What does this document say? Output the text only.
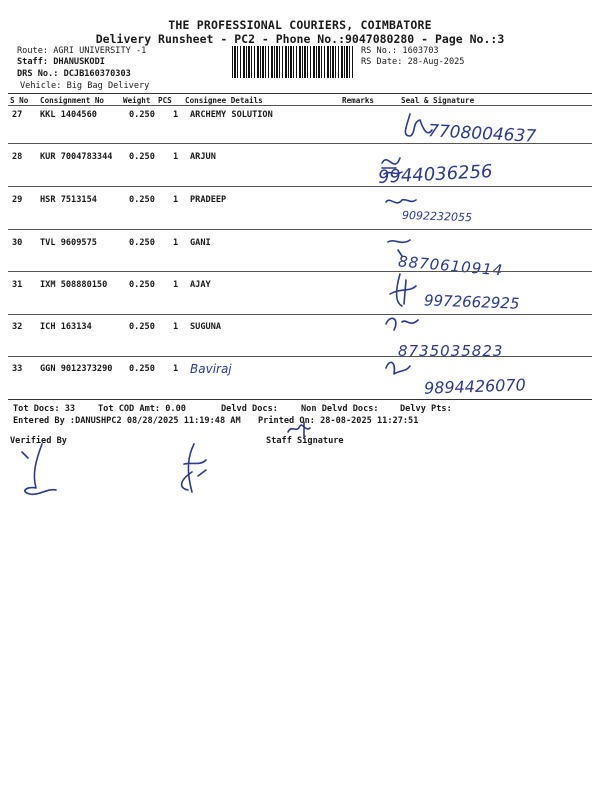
THE PROFESSIONAL COURIERS, COIMBATORE
Delivery Runsheet - PC2 - Phone No.:9047080280 - Page No.:3
Route: AGRI UNIVERSITY -1
Staff: DHANUSKODI
DRS No.: DCJB160370303
Vehicle: Big Bag Delivery
RS No.: 1603703
RS Date: 28-Aug-2025
S No Consignment No Weight PCS Consignee Details	Remarks	Seal & Signature
27 KKL 1404560	0.250 1 ARCHEMY SOLUTION
7708004637
28 KUR 7004783344 0.250 1 ARJUN
9944036256
29 HSR 7513154	0.250 1 PRADEEP
9092232055
30 TVL 9609575	0.250 1 GANI
8870610914
31 IXM 508880150	0.250 1 AJAY
9972662925
32 ICH 163134	0.250 1 SUGUNA
8735035823
33 GGN 9012373290 0.250 1 Baviraj
9894426070
Tot Docs: 33	Tot COD Amt: 0.00	Delvd Docs:	Non Delvd Docs: Delvy Pts:
Entered By :DANUSHPC2 08/28/2025 11:19:48 AM Printed On: 28-08-2025 11:27:51
Verified By	Staff Signature
